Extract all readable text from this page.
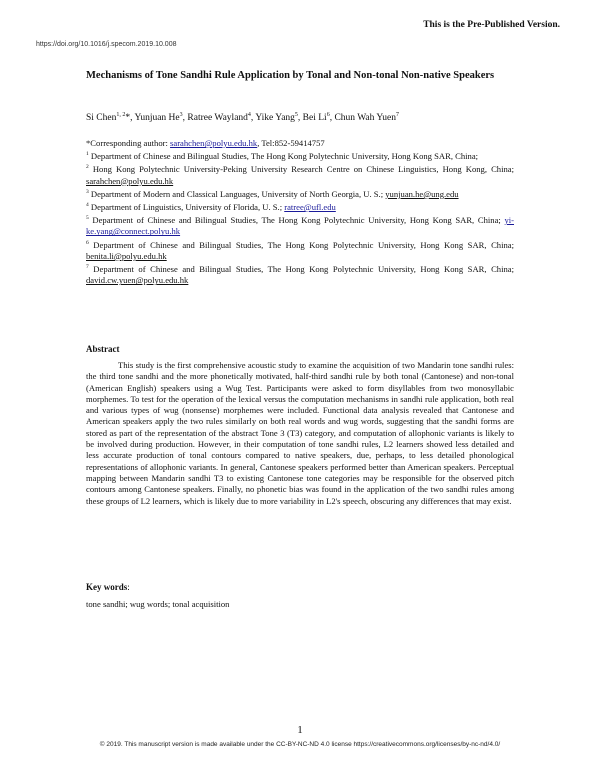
This is the Pre-Published Version.
https://doi.org/10.1016/j.specom.2019.10.008
Mechanisms of Tone Sandhi Rule Application by Tonal and Non-tonal Non-native Speakers
Si Chen$^{1, 2}$*, Yunjuan He$^3$, Ratree Wayland$^4$, Yike Yang$^5$, Bei Li$^6$, Chun Wah Yuen$^7$

*Corresponding author: sarahchen@polyu.edu.hk, Tel:852-59414757

$^1$ Department of Chinese and Bilingual Studies, The Hong Kong Polytechnic University, Hong Kong SAR, China;

$^2$ Hong Kong Polytechnic University-Peking University Research Centre on Chinese Linguistics, Hong Kong, China; sarahchen@polyu.edu.hk

$^3$ Department of Modern and Classical Languages, University of North Georgia, U. S.; yunjuan.he@ung.edu

$^4$ Department of Linguistics, University of Florida, U. S.; ratree@ufl.edu

$^5$ Department of Chinese and Bilingual Studies, The Hong Kong Polytechnic University, Hong Kong SAR, China; yi-ke.yang@connect.polyu.hk

$^6$ Department of Chinese and Bilingual Studies, The Hong Kong Polytechnic University, Hong Kong SAR, China; benita.li@polyu.edu.hk

$^7$ Department of Chinese and Bilingual Studies, The Hong Kong Polytechnic University, Hong Kong SAR, China; david.cw.yuen@polyu.edu.hk

Abstract

This study is the first comprehensive acoustic study to examine the acquisition of two Mandarin tone sandhi rules: the third tone sandhi and the more phonetically motivated, half-third sandhi rule by both tonal (Cantonese) and non-tonal (American English) speakers using a Wug Test. Participants were asked to form disyllables from two monosyllabic morphemes. To test for the operation of the lexical versus the computation mechanisms in sandhi rule application, both real and various types of wug (nonsense) morphemes were included. Functional data analysis revealed that Cantonese and American speakers apply the two rules similarly on both real words and wug words, suggesting that the sandhi forms are stored as part of the representation of the abstract Tone 3 (T3) category, and computation of allophonic variants is likely to be involved during production. However, in their computation of tone sandhi rules, L2 learners showed less detailed and less accurate production of tonal contours compared to native speakers, due, perhaps, to less detailed phonological representations of allophonic variants. In general, Cantonese speakers performed better than American speakers. Perceptual mapping between Mandarin sandhi T3 to existing Cantonese tone categories may be responsible for the observed pitch contours among Cantonese speakers. Finally, no phonetic bias was found in the application of the two sandhi rules among these groups of L2 learners, which is likely due to more variability in L2's speech, obscuring any differences that may exist.

Key words:
tone sandhi; wug words; tonal acquisition
1
© 2019. This manuscript version is made available under the CC-BY-NC-ND 4.0 license https://creativecommons.org/licenses/by-nc-nd/4.0/
